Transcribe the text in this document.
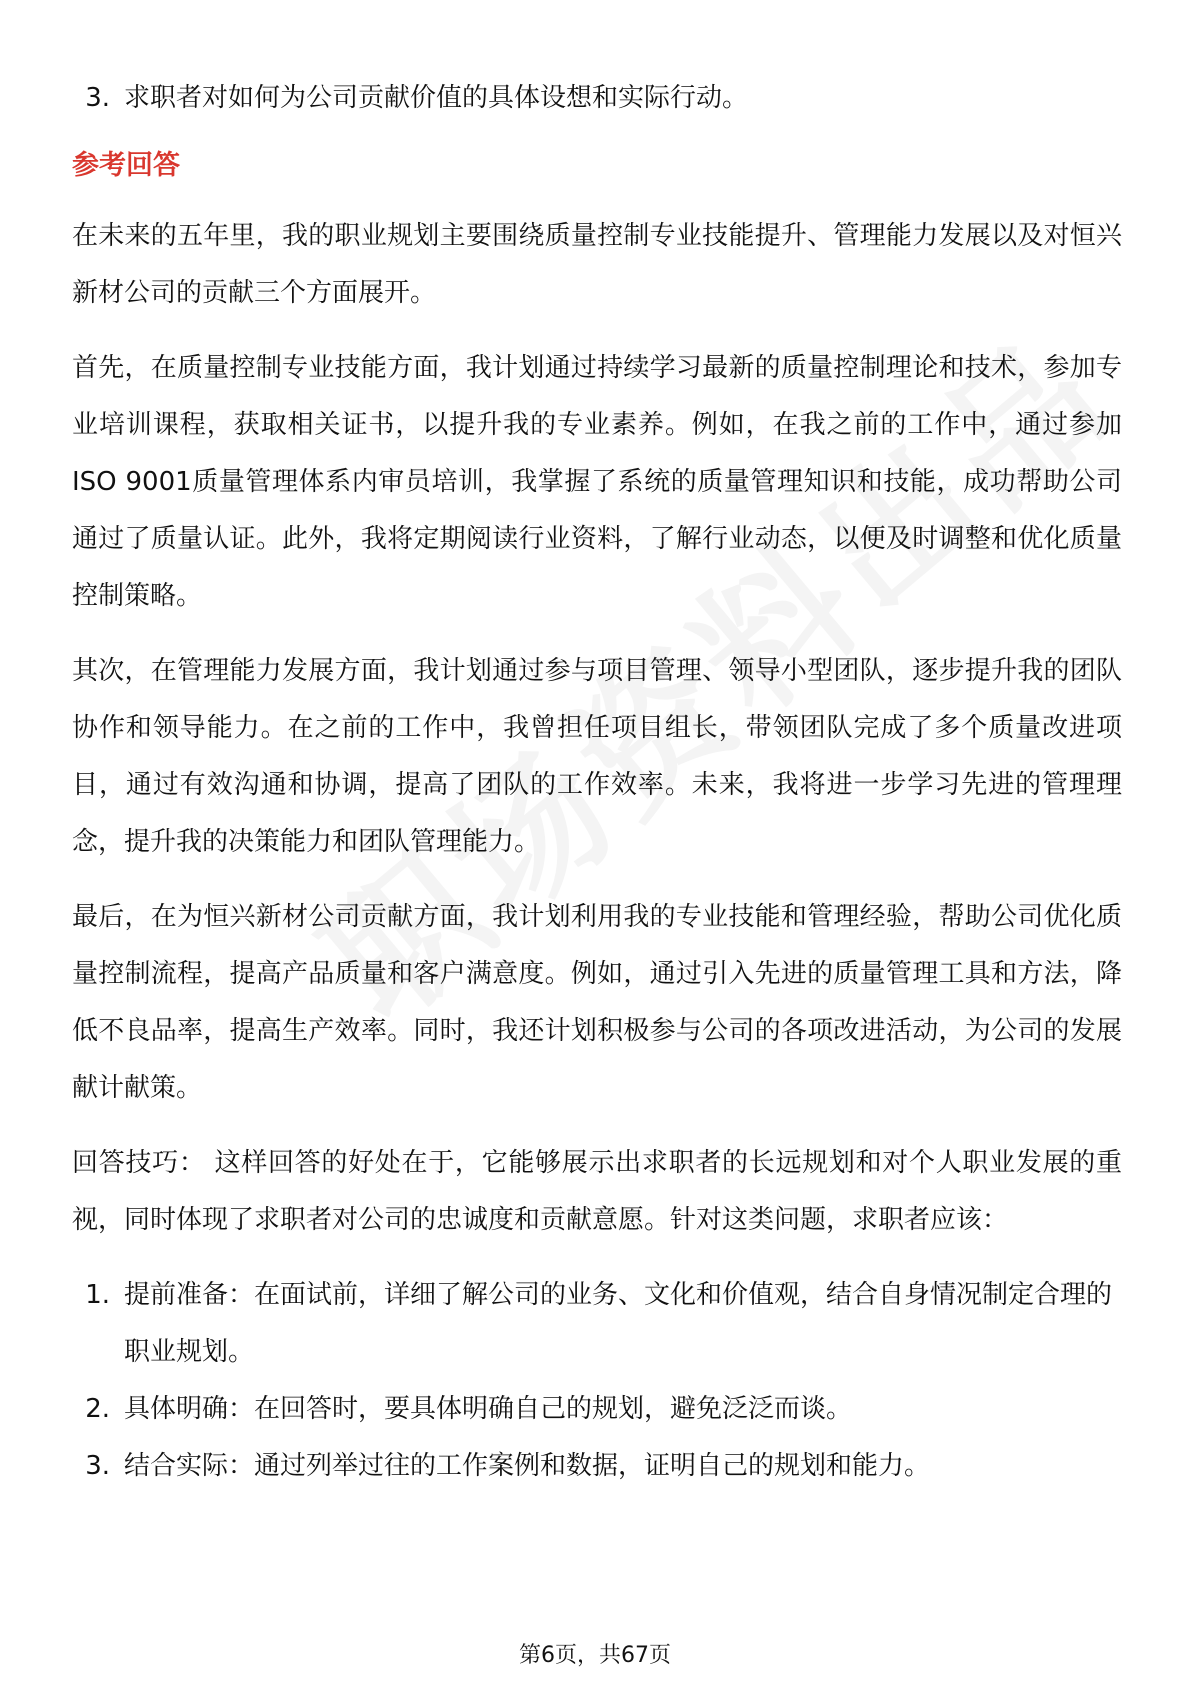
3. 求职者对如何为公司贡献价值的具体设想和实际行动。
参考回答

在未来的五年里，我的职业规划主要围绕质量控制专业技能提升、管理能力发展以及对恒兴新材公司的贡献三个方面展开。

首先，在质量控制专业技能方面，我计划通过持续学习最新的质量控制理论和技术，参加专业培训课程，获取相关证书，以提升我的专业素养。例如，在我之前的工作中，通过参加ISO 9001质量管理体系内审员培训，我掌握了系统的质量管理知识和技能，成功帮助公司通过了质量认证。此外，我将定期阅读行业资料，了解行业动态，以便及时调整和优化质量控制策略。

其次，在管理能力发展方面，我计划通过参与项目管理、领导小型团队，逐步提升我的团队协作和领导能力。在之前的工作中，我曾担任项目组长，带领团队完成了多个质量改进项目，通过有效沟通和协调，提高了团队的工作效率。未来，我将进一步学习先进的管理理念，提升我的决策能力和团队管理能力。

最后，在为恒兴新材公司贡献方面，我计划利用我的专业技能和管理经验，帮助公司优化质量控制流程，提高产品质量和客户满意度。例如，通过引入先进的质量管理工具和方法，降低不良品率，提高生产效率。同时，我还计划积极参与公司的各项改进活动，为公司的发展献计献策。

回答技巧： 这样回答的好处在于，它能够展示出求职者的长远规划和对个人职业发展的重视，同时体现了求职者对公司的忠诚度和贡献意愿。针对这类问题，求职者应该：

1. 提前准备：在面试前，详细了解公司的业务、文化和价值观，结合自身情况制定合理的职业规划。
2. 具体明确：在回答时，要具体明确自己的规划，避免泛泛而谈。
3. 结合实际：通过列举过往的工作案例和数据，证明自己的规划和能力。
第6页，共67页
